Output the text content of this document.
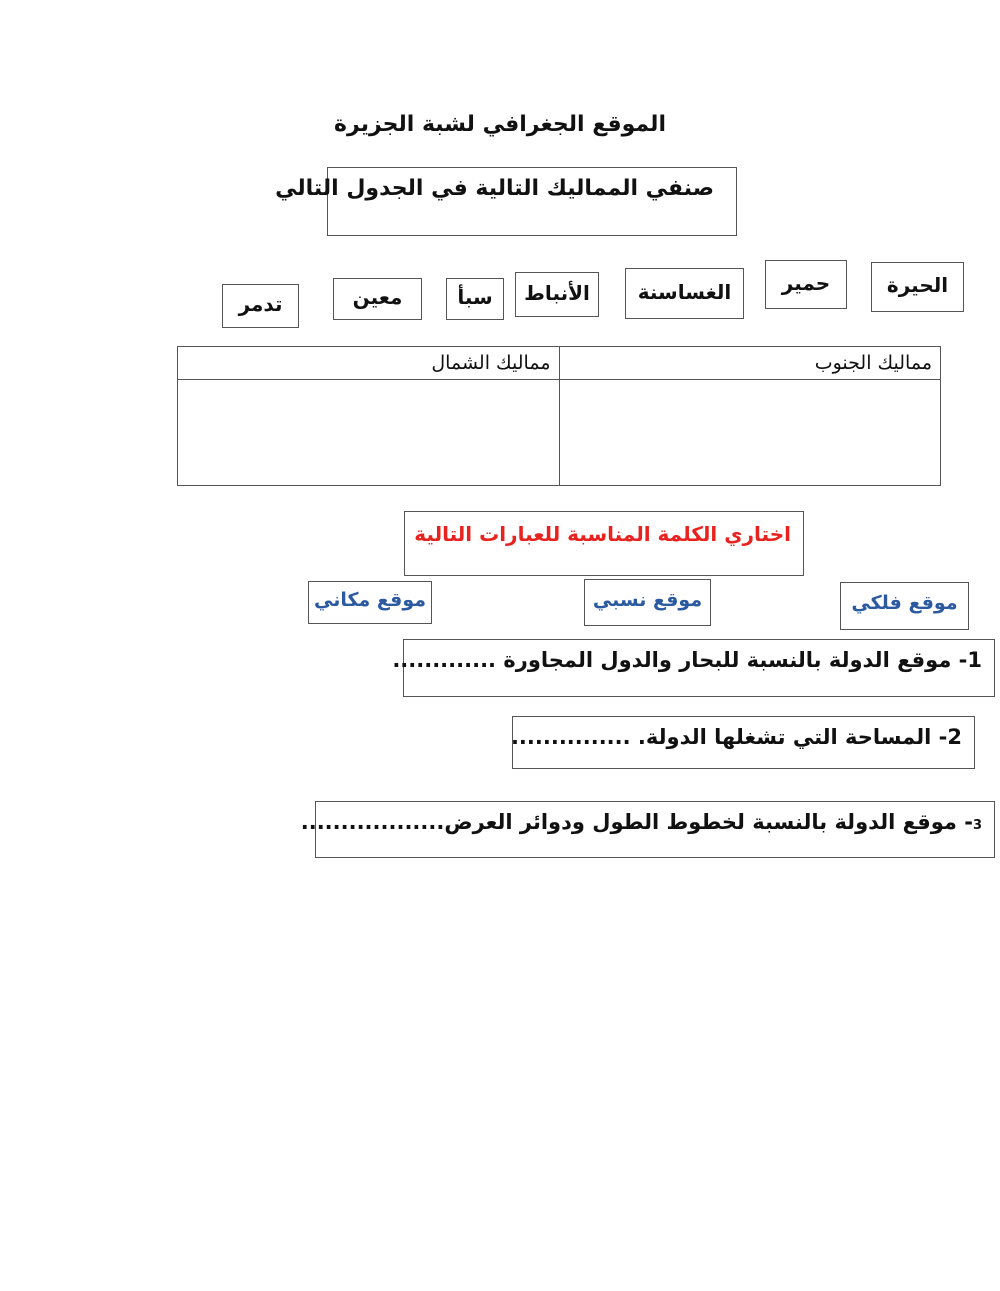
الموقع الجغرافي لشبة الجزيرة
صنفي المماليك التالية في الجدول التالي
الحيرة
حمير
الغساسنة
الأنباط
سبأ
معين
تدمر
مماليك الجنوب	مماليك الشمال

اختاري الكلمة المناسبة للعبارات التالية
موقع فلكي
موقع نسبي
موقع مكاني
1- موقع الدولة بالنسبة للبحار والدول المجاورة .............
2- المساحة التي تشغلها الدولة. ...............
3- موقع الدولة بالنسبة لخطوط الطول ودوائر العرض..................
